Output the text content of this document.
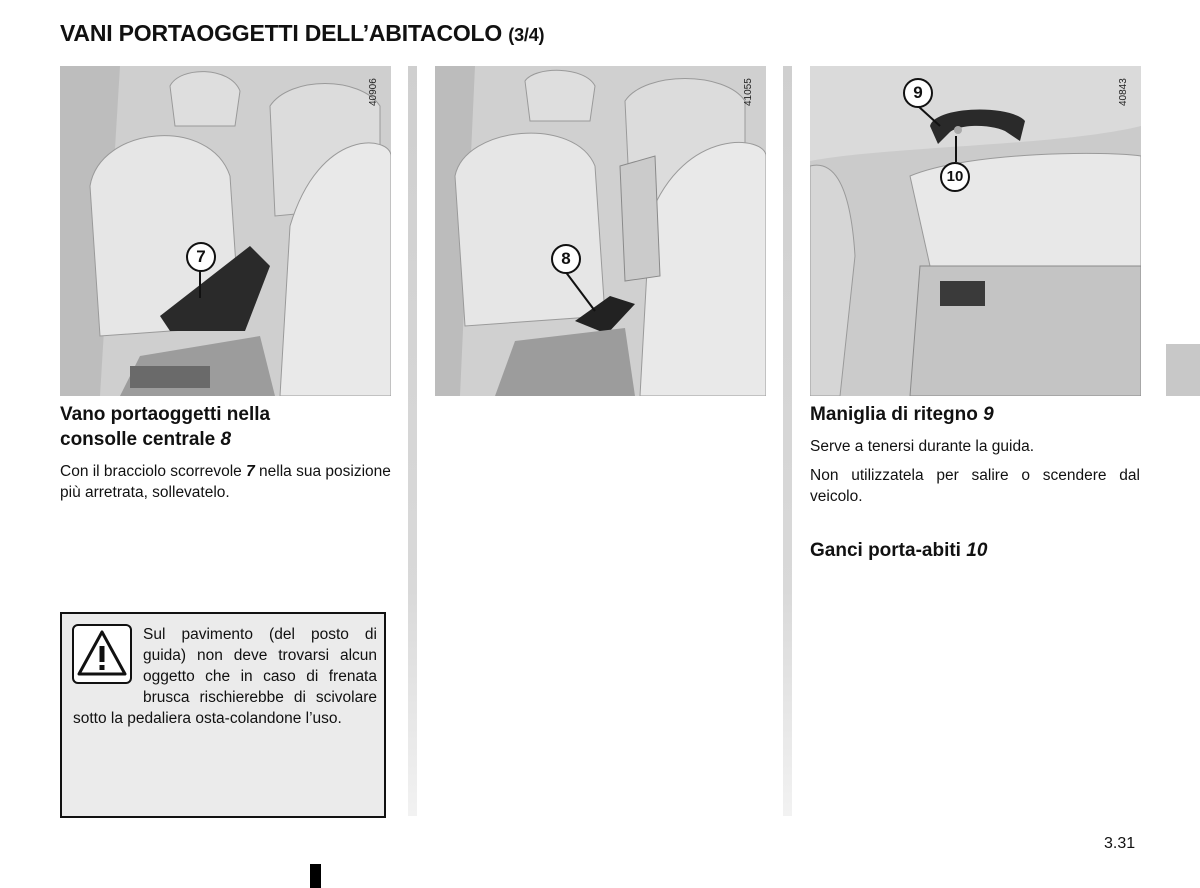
VANI PORTAOGGETTI DELL’ABITACOLO (3/4)
40906
7
41055
8
40843
9
10
Vano portaoggetti nella
consolle centrale 8
Con il bracciolo scorrevole 7 nella sua posizione più arretrata, sollevatelo.
Sul pavimento (del posto di guida) non deve trovarsi alcun oggetto che in caso di frenata brusca rischierebbe di scivolare sotto la pedaliera osta-colandone l’uso.
Maniglia di ritegno 9
Serve a tenersi durante la guida.
Non utilizzatela per salire o scendere dal veicolo.
Ganci porta-abiti 10
3.31
